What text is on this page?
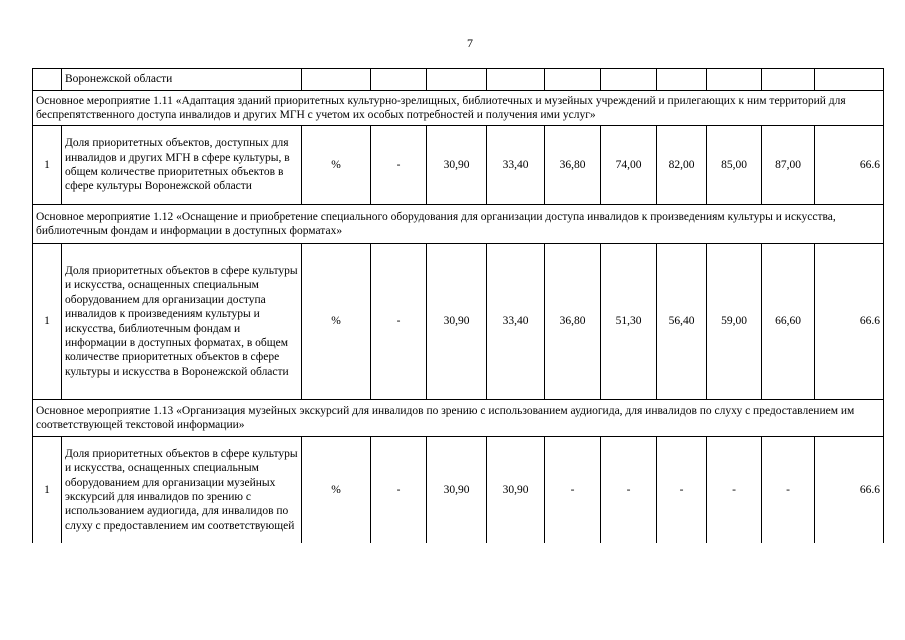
7
	Воронежской области										
Основное мероприятие 1.11 «Адаптация зданий приоритетных культурно-зрелищных, библиотечных и музейных учреждений и прилегающих к ним территорий для беспрепятственного доступа инвалидов и других МГН с учетом их особых потребностей и получения ими услуг»											
1	Доля приоритетных объектов, доступных для инвалидов и других МГН в сфере культуры, в общем количестве приоритетных объектов в сфере культуры Воронежской области	%	-	30,90	33,40	36,80	74,00	82,00	85,00	87,00	66.6
Основное мероприятие 1.12 «Оснащение и приобретение специального оборудования для организации доступа инвалидов к произведениям культуры и искусства, библиотечным фондам и информации в доступных форматах»											
1	Доля приоритетных объектов в сфере культуры и искусства, оснащенных специальным оборудованием для организации доступа инвалидов к произведениям культуры и искусства, библиотечным фондам и информации в доступных форматах, в общем количестве приоритетных объектов в сфере культуры и искусства в Воронежской области	%	-	30,90	33,40	36,80	51,30	56,40	59,00	66,60	66.6
Основное мероприятие 1.13 «Организация музейных экскурсий для инвалидов по зрению с использованием аудиогида, для инвалидов по слуху с предоставлением им соответствующей текстовой информации»											
1	Доля приоритетных объектов в сфере культуры и искусства, оснащенных специальным оборудованием для организации музейных экскурсий для инвалидов по зрению с использованием аудиогида, для инвалидов по слуху с предоставлением им соответствующей	%	-	30,90	30,90	-	-	-	-	-	66.6
